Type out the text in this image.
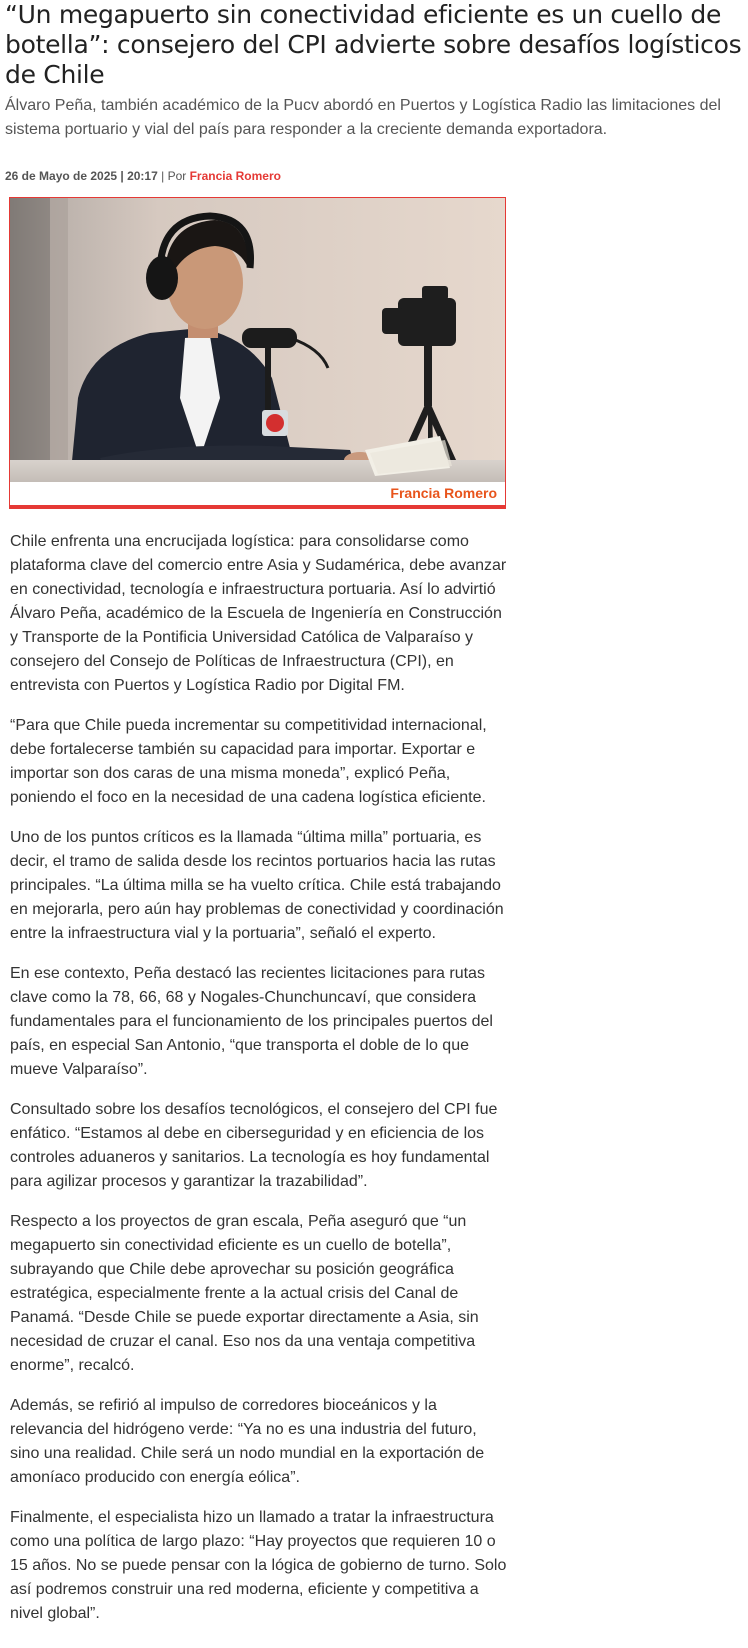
“Un megapuerto sin conectividad eficiente es un cuello de botella”: consejero del CPI advierte sobre desafíos logísticos de Chile

Álvaro Peña, también académico de la Pucv abordó en Puertos y Logística Radio las limitaciones del sistema portuario y vial del país para responder a la creciente demanda exportadora.

26 de Mayo de 2025 | 20:17 | Por Francia Romero
Francia Romero

Chile enfrenta una encrucijada logística: para consolidarse como plataforma clave del comercio entre Asia y Sudamérica, debe avanzar en conectividad, tecnología e infraestructura portuaria. Así lo advirtió Álvaro Peña, académico de la Escuela de Ingeniería en Construcción y Transporte de la Pontificia Universidad Católica de Valparaíso y consejero del Consejo de Políticas de Infraestructura (CPI), en entrevista con Puertos y Logística Radio por Digital FM.

“Para que Chile pueda incrementar su competitividad internacional, debe fortalecerse también su capacidad para importar. Exportar e importar son dos caras de una misma moneda”, explicó Peña, poniendo el foco en la necesidad de una cadena logística eficiente.

Uno de los puntos críticos es la llamada “última milla” portuaria, es decir, el tramo de salida desde los recintos portuarios hacia las rutas principales. “La última milla se ha vuelto crítica. Chile está trabajando en mejorarla, pero aún hay problemas de conectividad y coordinación entre la infraestructura vial y la portuaria”, señaló el experto.

En ese contexto, Peña destacó las recientes licitaciones para rutas clave como la 78, 66, 68 y Nogales-Chunchuncaví, que considera fundamentales para el funcionamiento de los principales puertos del país, en especial San Antonio, “que transporta el doble de lo que mueve Valparaíso”.

Consultado sobre los desafíos tecnológicos, el consejero del CPI fue enfático. “Estamos al debe en ciberseguridad y en eficiencia de los controles aduaneros y sanitarios. La tecnología es hoy fundamental para agilizar procesos y garantizar la trazabilidad”.

Respecto a los proyectos de gran escala, Peña aseguró que “un megapuerto sin conectividad eficiente es un cuello de botella”, subrayando que Chile debe aprovechar su posición geográfica estratégica, especialmente frente a la actual crisis del Canal de Panamá. “Desde Chile se puede exportar directamente a Asia, sin necesidad de cruzar el canal. Eso nos da una ventaja competitiva enorme”, recalcó.

Además, se refirió al impulso de corredores bioceánicos y la relevancia del hidrógeno verde: “Ya no es una industria del futuro, sino una realidad. Chile será un nodo mundial en la exportación de amoníaco producido con energía eólica”.

Finalmente, el especialista hizo un llamado a tratar la infraestructura como una política de largo plazo: “Hay proyectos que requieren 10 o 15 años. No se puede pensar con la lógica de gobierno de turno. Solo así podremos construir una red moderna, eficiente y competitiva a nivel global”.
